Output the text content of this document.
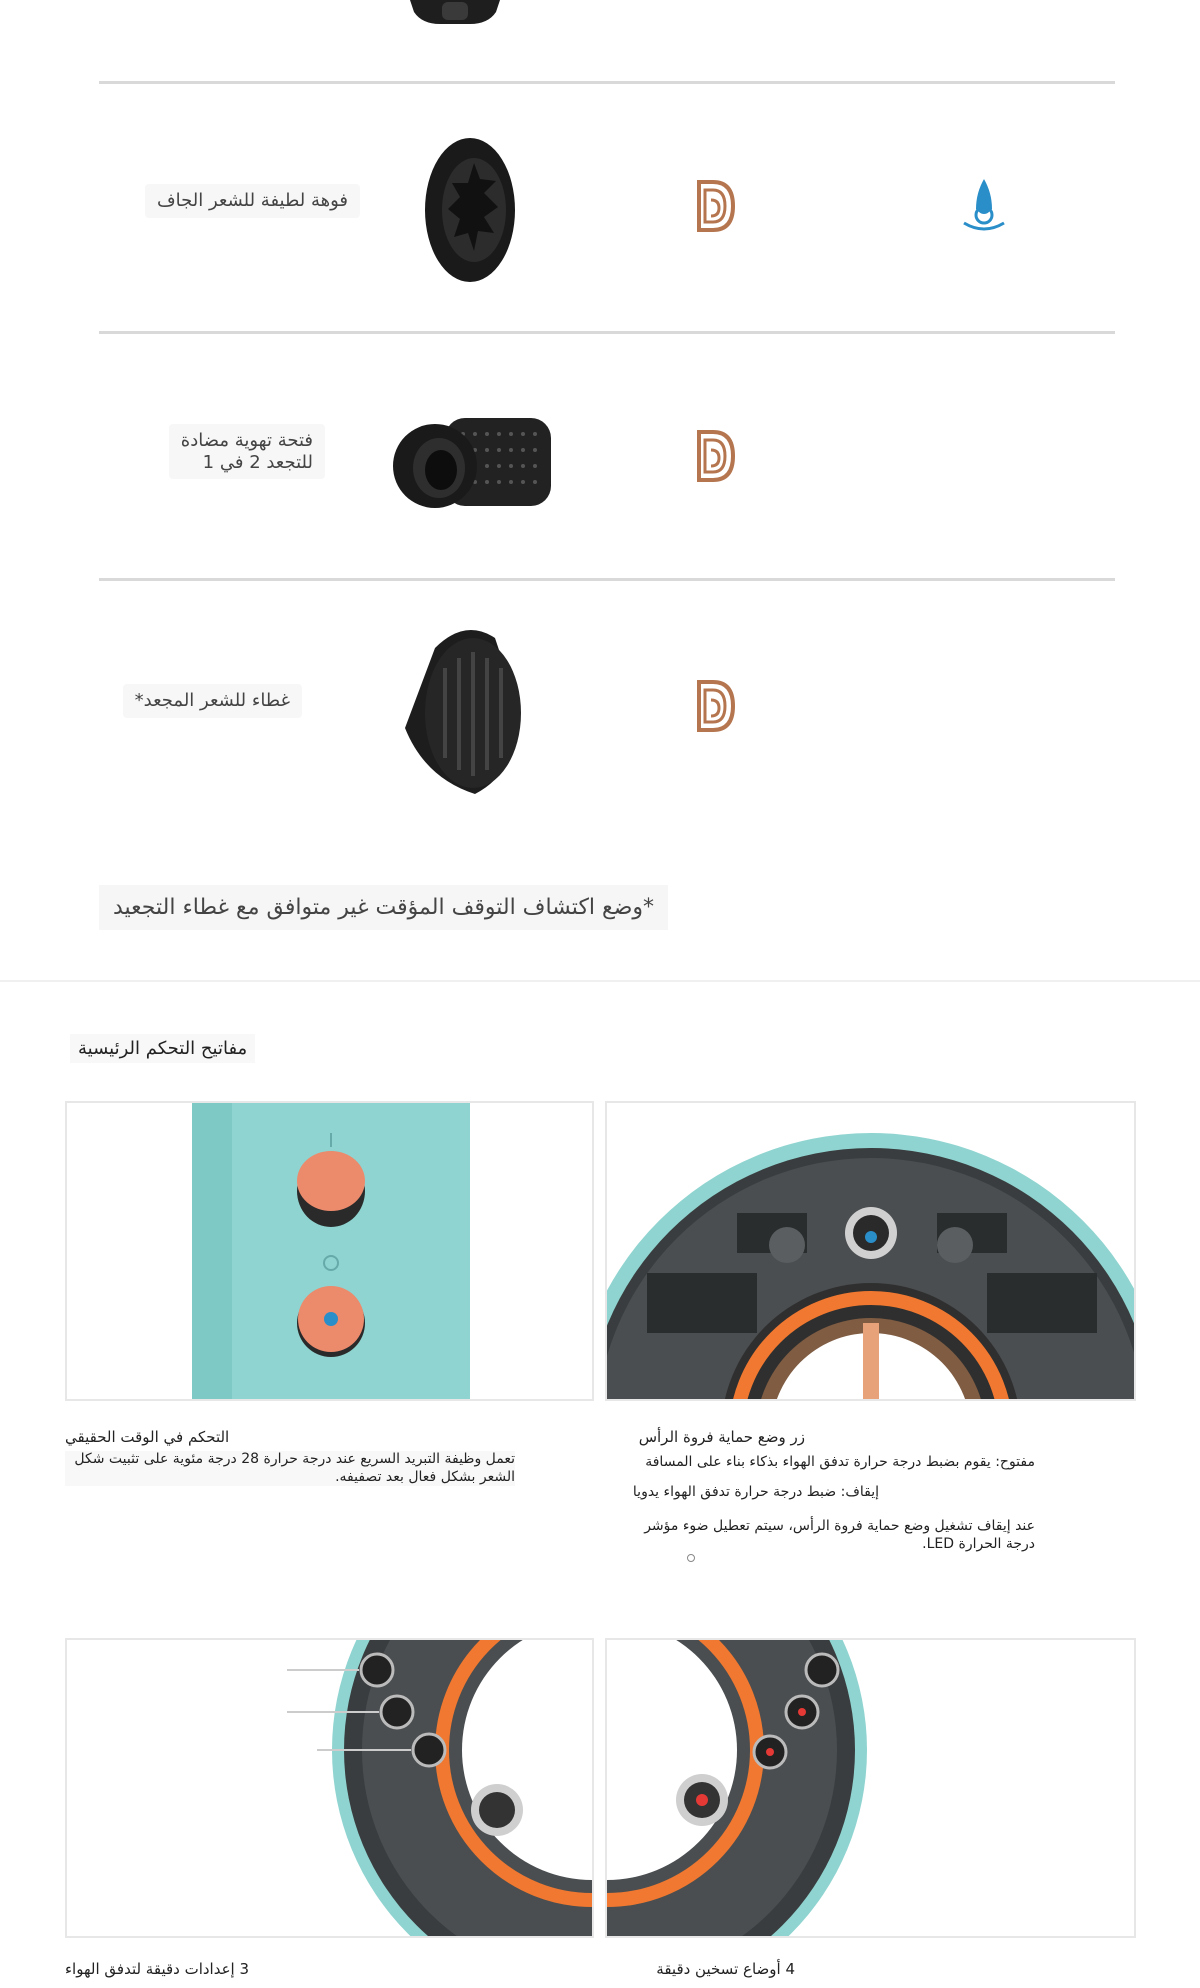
فوهة لطيفة للشعر الجاف
فتحة تهوية مضادة
للتجعد 2 في 1
غطاء للشعر المجعد*
*وضع اكتشاف التوقف المؤقت غير متوافق مع غطاء التجعيد
مفاتيح التحكم الرئيسية
التحكم في الوقت الحقيقي
تعمل وظيفة التبريد السريع عند درجة حرارة 28 درجة مئوية على تثبيت شكل الشعر بشكل فعال بعد تصفيفه.
زر وضع حماية فروة الرأس
مفتوح: يقوم بضبط درجة حرارة تدفق الهواء بذكاء بناء على المسافة
إيقاف: ضبط درجة حرارة تدفق الهواء يدويا
عند إيقاف تشغيل وضع حماية فروة الرأس، سيتم تعطيل ضوء مؤشر درجة الحرارة LED.
3 إعدادات دقيقة لتدفق الهواء	4 أوضاع تسخين دقيقة
